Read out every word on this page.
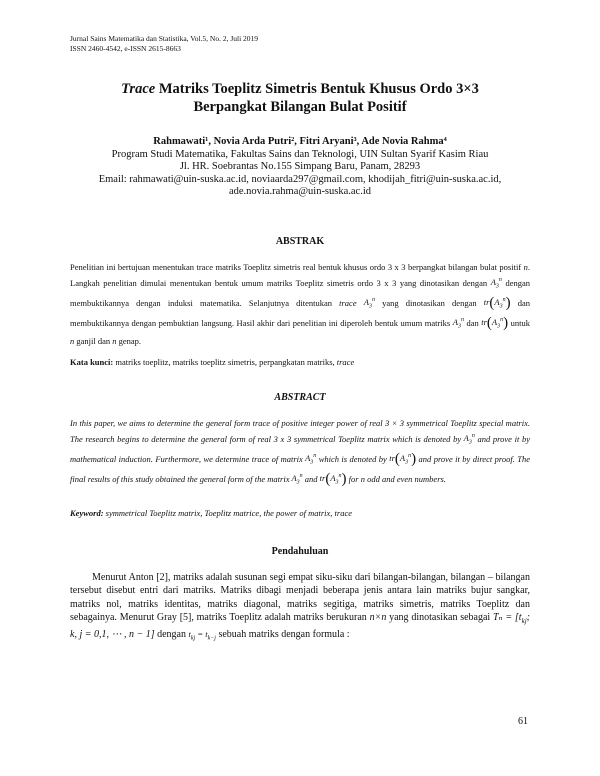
Jurnal Sains Matematika dan Statistika, Vol.5, No. 2, Juli 2019
ISSN 2460-4542, e-ISSN 2615-8663
Trace Matriks Toeplitz Simetris Bentuk Khusus Ordo 3×3
Berpangkat Bilangan Bulat Positif
Rahmawati¹, Novia Arda Putri², Fitri Aryani³, Ade Novia Rahma⁴
Program Studi Matematika, Fakultas Sains dan Teknologi, UIN Sultan Syarif Kasim Riau
Jl. HR. Soebrantas No.155 Simpang Baru, Panam, 28293
Email: rahmawati@uin-suska.ac.id, noviaarda297@gmail.com, khodijah_fitri@uin-suska.ac.id,
ade.novia.rahma@uin-suska.ac.id
ABSTRAK
Penelitian ini bertujuan menentukan trace matriks Toeplitz simetris real bentuk khusus ordo 3 x 3 berpangkat bilangan bulat positif n. Langkah penelitian dimulai menentukan bentuk umum matriks Toeplitz simetris ordo 3 x 3 yang dinotasikan dengan $A_3^n$ dengan membuktikannya dengan induksi matematika. Selanjutnya ditentukan trace $A_3^n$ yang dinotasikan dengan $tr(A_3^n)$ dan membuktikannya dengan pembuktian langsung. Hasil akhir dari penelitian ini diperoleh bentuk umum matriks $A_3^n$ dan $tr(A_3^n)$ untuk n ganjil dan n genap.
Kata kunci: matriks toeplitz, matriks toeplitz simetris, perpangkatan matriks, trace
ABSTRACT
In this paper, we aims to determine the general form trace of positive integer power of real 3 × 3 symmetrical Toeplitz special matrix. The research begins to determine the general form of real 3 x 3 symmetrical Toeplitz matrix which is denoted by $A_3^n$ and prove it by mathematical induction. Furthermore, we determine trace of matrix $A_3^n$ which is denoted by $tr(A_3^n)$ and prove it by direct proof. The final results of this study obtained the general form of the matrix $A_3^n$ and $tr(A_3^n)$ for n odd and even numbers.
Keyword: symmetrical Toeplitz matrix, Toeplitz matrice, the power of matrix, trace
Pendahuluan
Menurut Anton [2], matriks adalah susunan segi empat siku-siku dari bilangan-bilangan, bilangan – bilangan tersebut disebut entri dari matriks. Matriks dibagi menjadi beberapa jenis antara lain matriks bujur sangkar, matriks nol, matriks identitas, matriks diagonal, matriks segitiga, matriks simetris, matriks Toeplitz dan sebagainya. Menurut Gray [5], matriks Toeplitz adalah matriks berukuran n×n yang dinotasikan sebagai $T_n = [t_{kj}$; k, j = 0,1, ⋯ , n − 1] dengan $t_{kj} = t_{k-j}$ sebuah matriks dengan formula :
61
